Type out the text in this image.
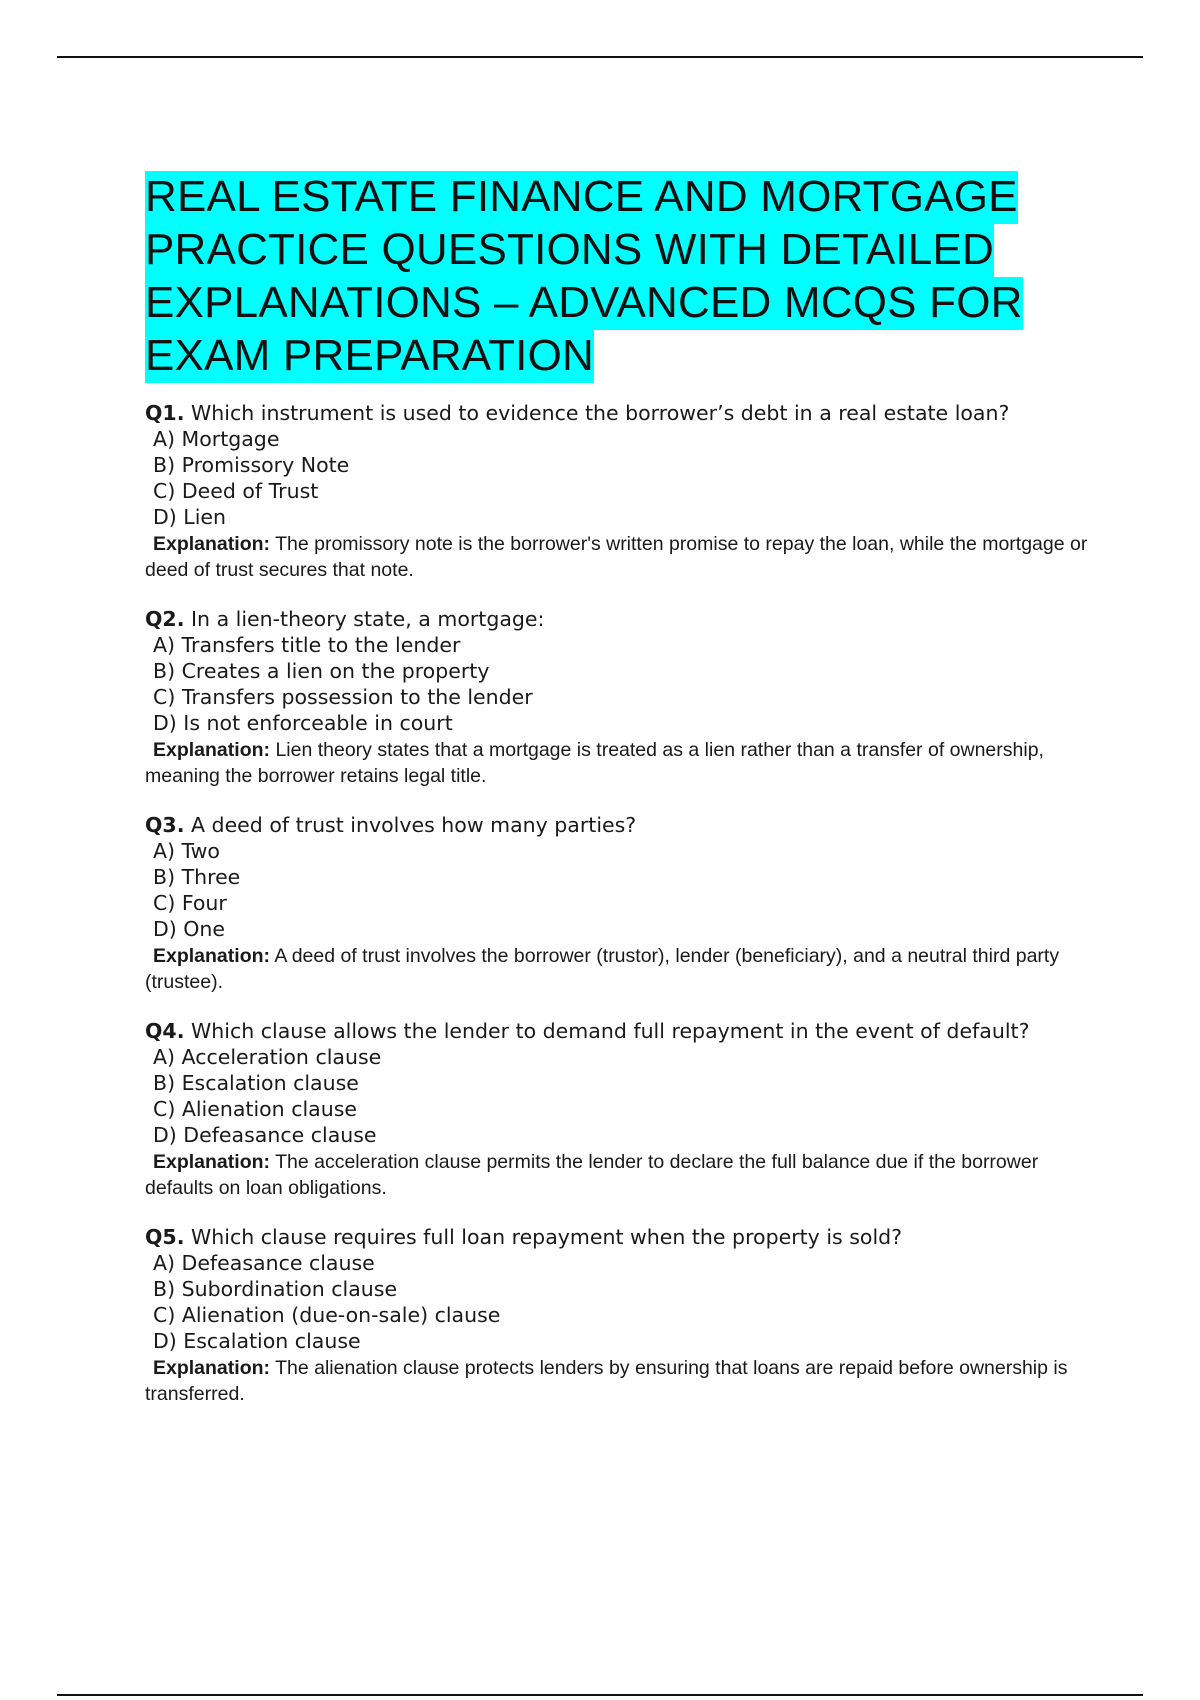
REAL ESTATE FINANCE AND MORTGAGE PRACTICE QUESTIONS WITH DETAILED EXPLANATIONS – ADVANCED MCQS FOR EXAM PREPARATION
Q1. Which instrument is used to evidence the borrower’s debt in a real estate loan?
A) Mortgage
B) Promissory Note
C) Deed of Trust
D) Lien
Explanation: The promissory note is the borrower's written promise to repay the loan, while the mortgage or deed of trust secures that note.
Q2. In a lien-theory state, a mortgage:
A) Transfers title to the lender
B) Creates a lien on the property
C) Transfers possession to the lender
D) Is not enforceable in court
Explanation: Lien theory states that a mortgage is treated as a lien rather than a transfer of ownership, meaning the borrower retains legal title.
Q3. A deed of trust involves how many parties?
A) Two
B) Three
C) Four
D) One
Explanation: A deed of trust involves the borrower (trustor), lender (beneficiary), and a neutral third party (trustee).
Q4. Which clause allows the lender to demand full repayment in the event of default?
A) Acceleration clause
B) Escalation clause
C) Alienation clause
D) Defeasance clause
Explanation: The acceleration clause permits the lender to declare the full balance due if the borrower defaults on loan obligations.
Q5. Which clause requires full loan repayment when the property is sold?
A) Defeasance clause
B) Subordination clause
C) Alienation (due-on-sale) clause
D) Escalation clause
Explanation: The alienation clause protects lenders by ensuring that loans are repaid before ownership is transferred.
